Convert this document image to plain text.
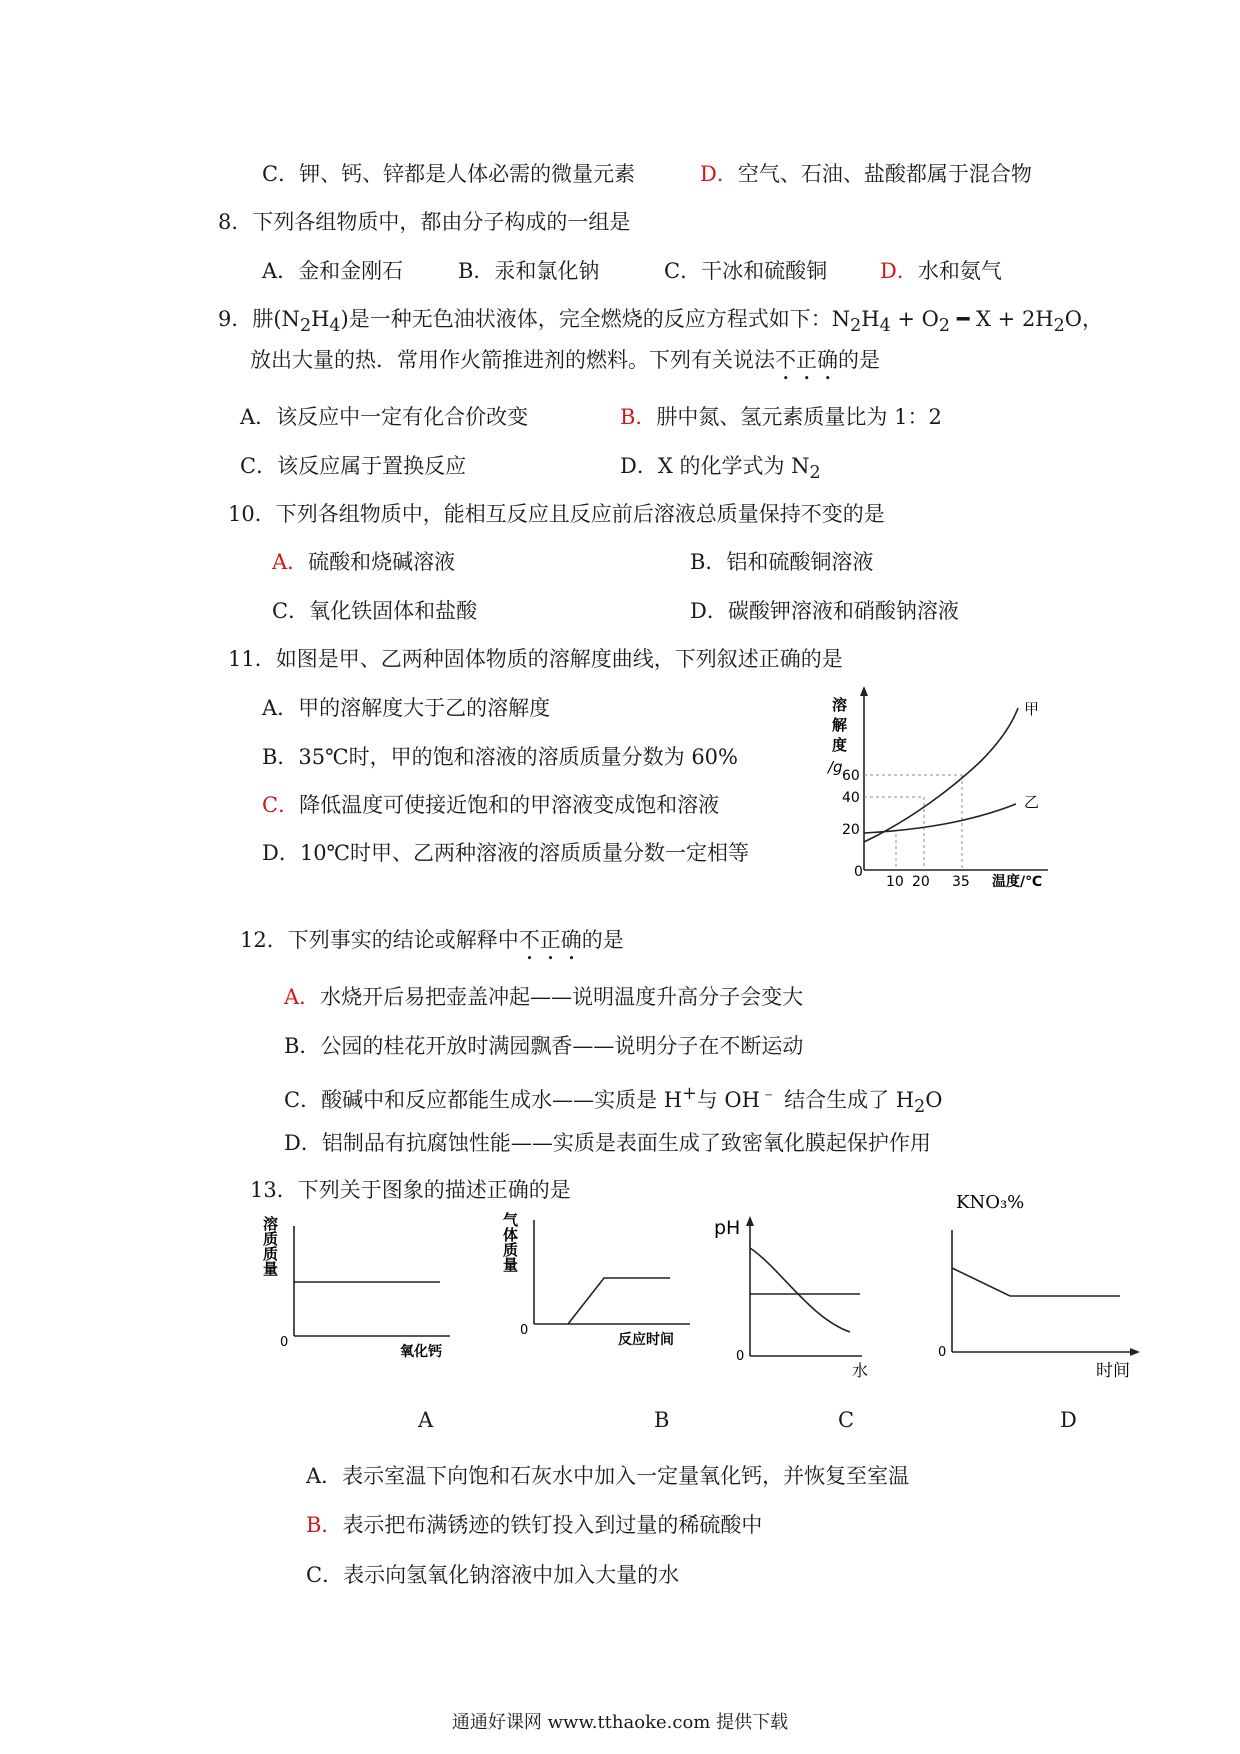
C．钾、钙、锌都是人体必需的微量元素	D．空气、石油、盐酸都属于混合物
8．下列各组物质中，都由分子构成的一组是
A．金和金刚石	B．汞和氯化钠	C．干冰和硫酸铜	D．水和氨气
9．肼$(N_2H_4)$是一种无色油状液体，完全燃烧的反应方程式如下：$N_2H_4 + O_2$ ━ $X + 2H_2O$，
放出大量的热．常用作火箭推进剂的燃料。下列有关说法不正确的是
A．该反应中一定有化合价改变	B．肼中氮、氢元素质量比为 1：2
C．该反应属于置换反应	D．X 的化学式为 $N_2$
10．下列各组物质中，能相互反应且反应前后溶液总质量保持不变的是
A．硫酸和烧碱溶液	B．铝和硫酸铜溶液
C．氧化铁固体和盐酸	D．碳酸钾溶液和硝酸钠溶液
11．如图是甲、乙两种固体物质的溶解度曲线，下列叙述正确的是
A．甲的溶解度大于乙的溶解度
B．35℃时，甲的饱和溶液的溶质质量分数为 60%
C．降低温度可使接近饱和的甲溶液变成饱和溶液
D．10℃时甲、乙两种溶液的溶质质量分数一定相等
溶
解
度
/g 60
40
20
0
10 20 35 温度/℃
甲
乙
12．下列事实的结论或解释中不正确的是
A．水烧开后易把壶盖冲起——说明温度升高分子会变大
B．公园的桂花开放时满园飘香——说明分子在不断运动
C．酸碱中和反应都能生成水——实质是 H+与 OH﹣ 结合生成了 $H_2O$
D．铝制品有抗腐蚀性能——实质是表面生成了致密氧化膜起保护作用
13．下列关于图象的描述正确的是
溶质质量
0
氧化钙
A
气体质量
0
反应时间
B
pH
0
水
C
KNO₃%
0
时间
D
A．表示室温下向饱和石灰水中加入一定量氧化钙，并恢复至室温
B．表示把布满锈迹的铁钉投入到过量的稀硫酸中
C．表示向氢氧化钠溶液中加入大量的水
通通好课网 www.tthaoke.com 提供下载
